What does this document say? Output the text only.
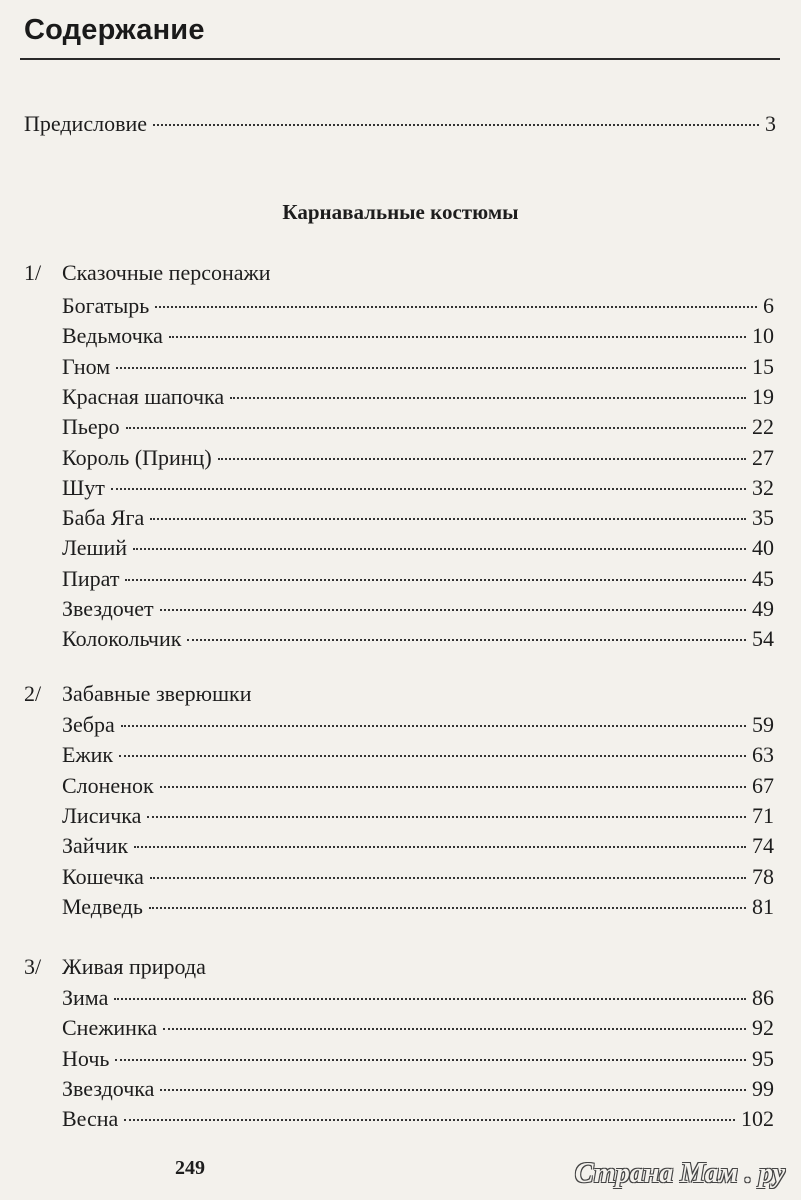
Содержание
Предисловие	3
Карнавальные костюмы
1/ Сказочные персонажи
Богатырь	6
Ведьмочка	10
Гном	15
Красная шапочка	19
Пьеро	22
Король (Принц)	27
Шут	32
Баба Яга	35
Леший	40
Пират	45
Звездочет	49
Колокольчик	54
2/ Забавные зверюшки
Зебра	59
Ежик	63
Слоненок	67
Лисичка	71
Зайчик	74
Кошечка	78
Медведь	81
3/ Живая природа
Зима	86
Снежинка	92
Ночь	95
Звездочка	99
Весна	102
249	Страна Мам . ру
